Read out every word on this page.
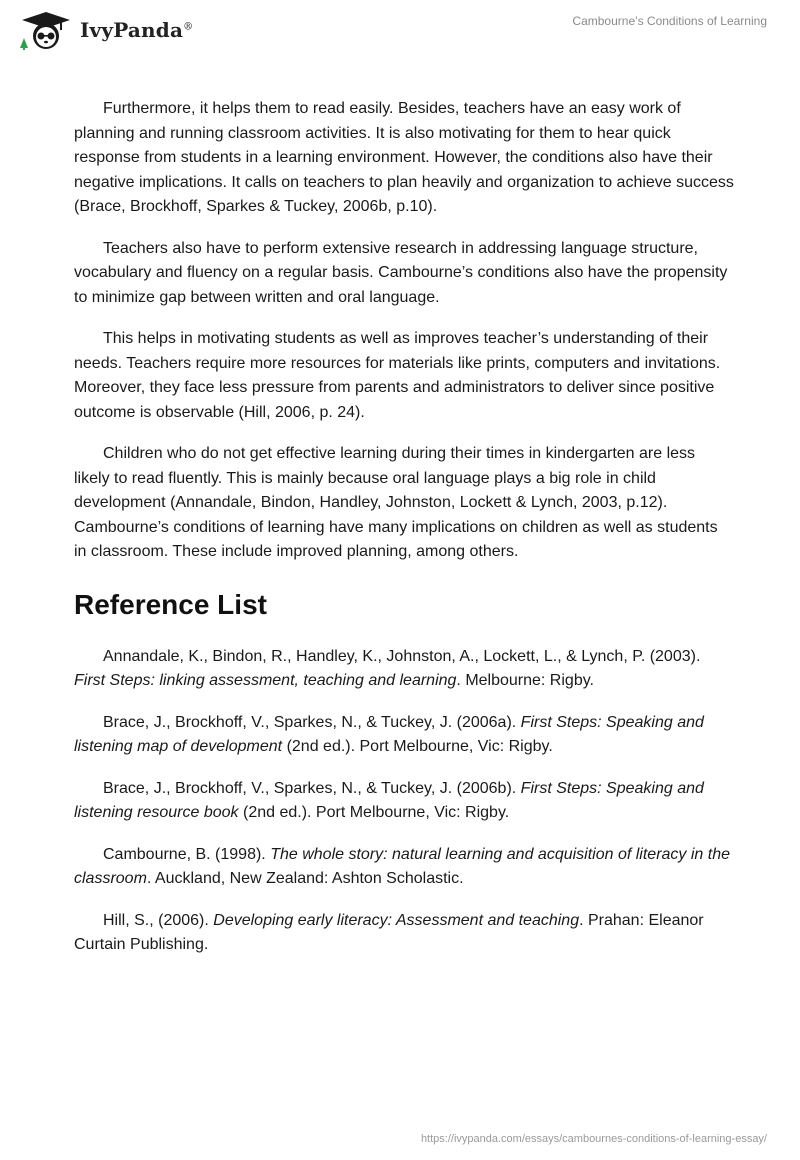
IvyPanda®	Cambourne’s Conditions of Learning

Furthermore, it helps them to read easily. Besides, teachers have an easy work of planning and running classroom activities. It is also motivating for them to hear quick response from students in a learning environment. However, the conditions also have their negative implications. It calls on teachers to plan heavily and organization to achieve success (Brace, Brockhoff, Sparkes & Tuckey, 2006b, p.10).

Teachers also have to perform extensive research in addressing language structure, vocabulary and fluency on a regular basis. Cambourne’s conditions also have the propensity to minimize gap between written and oral language.

This helps in motivating students as well as improves teacher’s understanding of their needs. Teachers require more resources for materials like prints, computers and invitations. Moreover, they face less pressure from parents and administrators to deliver since positive outcome is observable (Hill, 2006, p. 24).

Children who do not get effective learning during their times in kindergarten are less likely to read fluently. This is mainly because oral language plays a big role in child development (Annandale, Bindon, Handley, Johnston, Lockett & Lynch, 2003, p.12). Cambourne’s conditions of learning have many implications on children as well as students in classroom. These include improved planning, among others.

Reference List

Annandale, K., Bindon, R., Handley, K., Johnston, A., Lockett, L., & Lynch, P. (2003). First Steps: linking assessment, teaching and learning. Melbourne: Rigby.

Brace, J., Brockhoff, V., Sparkes, N., & Tuckey, J. (2006a). First Steps: Speaking and listening map of development (2nd ed.). Port Melbourne, Vic: Rigby.

Brace, J., Brockhoff, V., Sparkes, N., & Tuckey, J. (2006b). First Steps: Speaking and listening resource book (2nd ed.). Port Melbourne, Vic: Rigby.

Cambourne, B. (1998). The whole story: natural learning and acquisition of literacy in the classroom. Auckland, New Zealand: Ashton Scholastic.

Hill, S., (2006). Developing early literacy: Assessment and teaching. Prahan: Eleanor Curtain Publishing.

https://ivypanda.com/essays/cambournes-conditions-of-learning-essay/
